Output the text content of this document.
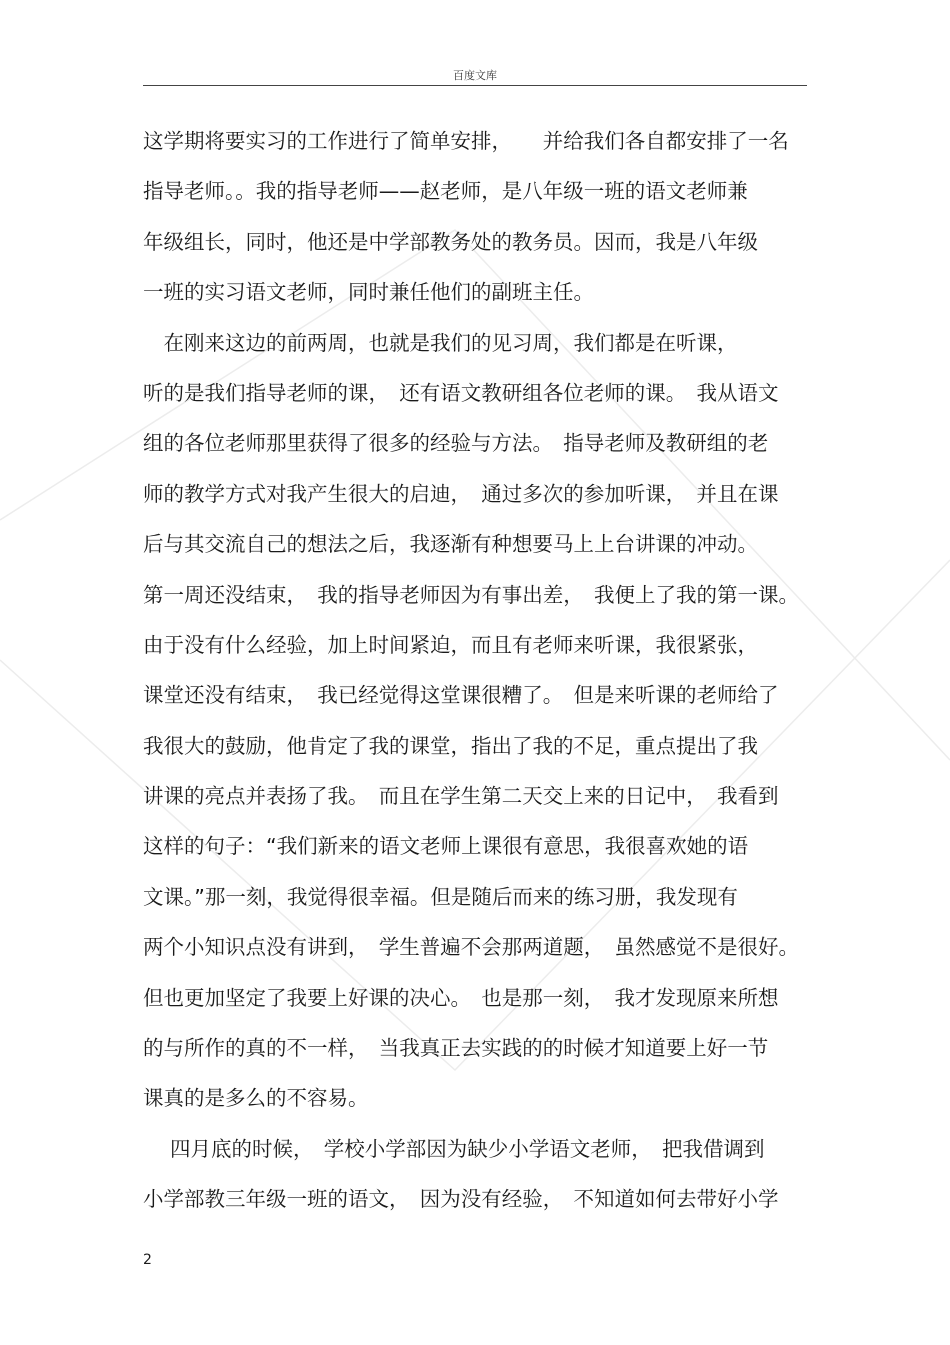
百度文库
这学期将要实习的工作进行了简单安排，　　并给我们各自都安排了一名
指导老师。。我的指导老师——赵老师，是八年级一班的语文老师兼
年级组长，同时，他还是中学部教务处的教务员。因而，我是八年级
一班的实习语文老师，同时兼任他们的副班主任。
　在刚来这边的前两周，也就是我们的见习周，我们都是在听课，
听的是我们指导老师的课，　还有语文教研组各位老师的课。　我从语文
组的各位老师那里获得了很多的经验与方法。　指导老师及教研组的老
师的教学方式对我产生很大的启迪，　通过多次的参加听课，　并且在课
后与其交流自己的想法之后，我逐渐有种想要马上上台讲课的冲动。
第一周还没结束，　我的指导老师因为有事出差，　我便上了我的第一课。
由于没有什么经验，加上时间紧迫，而且有老师来听课，我很紧张，
课堂还没有结束，　我已经觉得这堂课很糟了。　但是来听课的老师给了
我很大的鼓励，他肯定了我的课堂，指出了我的不足，重点提出了我
讲课的亮点并表扬了我。　而且在学生第二天交上来的日记中，　我看到
这样的句子：“我们新来的语文老师上课很有意思，我很喜欢她的语
文课。”那一刻，我觉得很幸福。但是随后而来的练习册，我发现有
两个小知识点没有讲到，　学生普遍不会那两道题，　虽然感觉不是很好。
但也更加坚定了我要上好课的决心。　也是那一刻，　我才发现原来所想
的与所作的真的不一样，　当我真正去实践的的时候才知道要上好一节
课真的是多么的不容易。
　 四月底的时候，　学校小学部因为缺少小学语文老师，　把我借调到
小学部教三年级一班的语文，　因为没有经验，　不知道如何去带好小学
2
